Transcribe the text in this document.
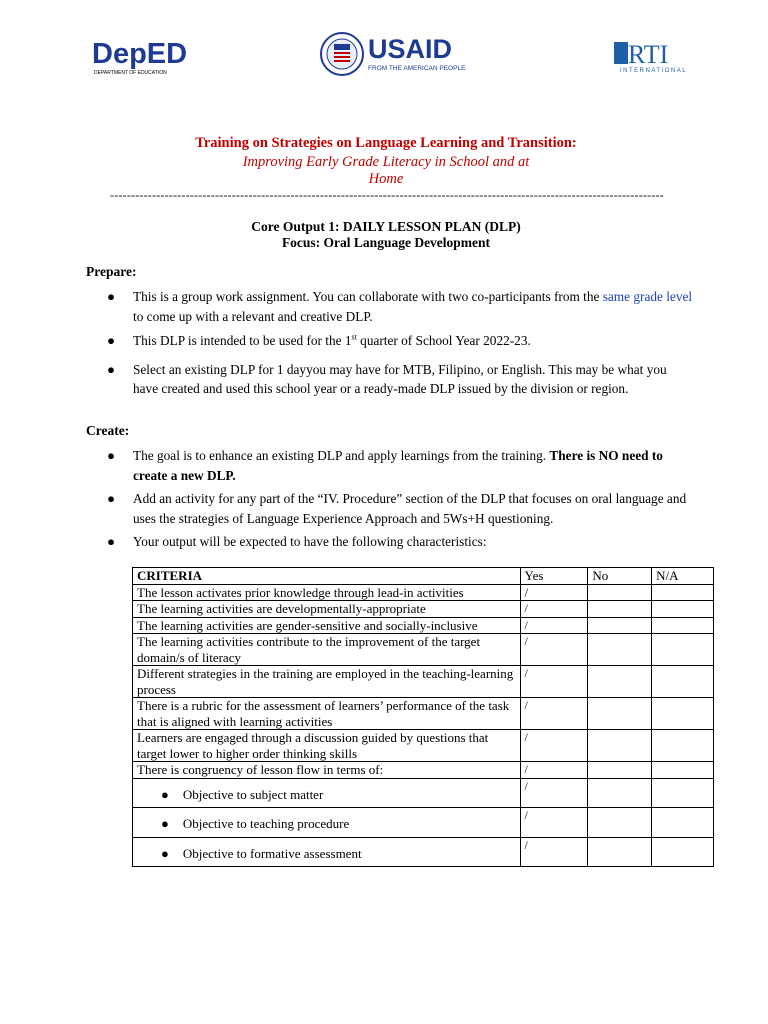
DepED
DEPARTMENT OF EDUCATION
USAID
FROM THE AMERICAN PEOPLE	RTI
INTERNATIONAL
Training on Strategies on Language Learning and Transition:
Improving Early Grade Literacy in School and at
Home
------------------------------------------------------------------------------------------------------------------------------------
Core Output 1: DAILY LESSON PLAN (DLP)
Focus: Oral Language Development
Prepare:
● This is a group work assignment. You can collaborate with two co-participants from the same grade level to come up with a relevant and creative DLP.
● This DLP is intended to be used for the 1st quarter of School Year 2022-23.
● Select an existing DLP for 1 dayyou may have for MTB, Filipino, or English. This may be what you have created and used this school year or a ready-made DLP issued by the division or region.
Create:
● The goal is to enhance an existing DLP and apply learnings from the training. There is NO need to create a new DLP.
● Add an activity for any part of the “IV. Procedure” section of the DLP that focuses on oral language and uses the strategies of Language Experience Approach and 5Ws+H questioning.
● Your output will be expected to have the following characteristics:
CRITERIA	Yes	No	N/A
The lesson activates prior knowledge through lead-in activities	/		
The learning activities are developmentally-appropriate	/		
The learning activities are gender-sensitive and socially-inclusive	/		
The learning activities contribute to the improvement of the target domain/s of literacy	/		
Different strategies in the training are employed in the teaching-learning process	/		
There is a rubric for the assessment of learners’ performance of the task that is aligned with learning activities	/		
Learners are engaged through a discussion guided by questions that target lower to higher order thinking skills	/		
There is congruency of lesson flow in terms of:	/		

● Objective to subject matter	/		

● Objective to teaching procedure	/		

● Objective to formative assessment	/		
